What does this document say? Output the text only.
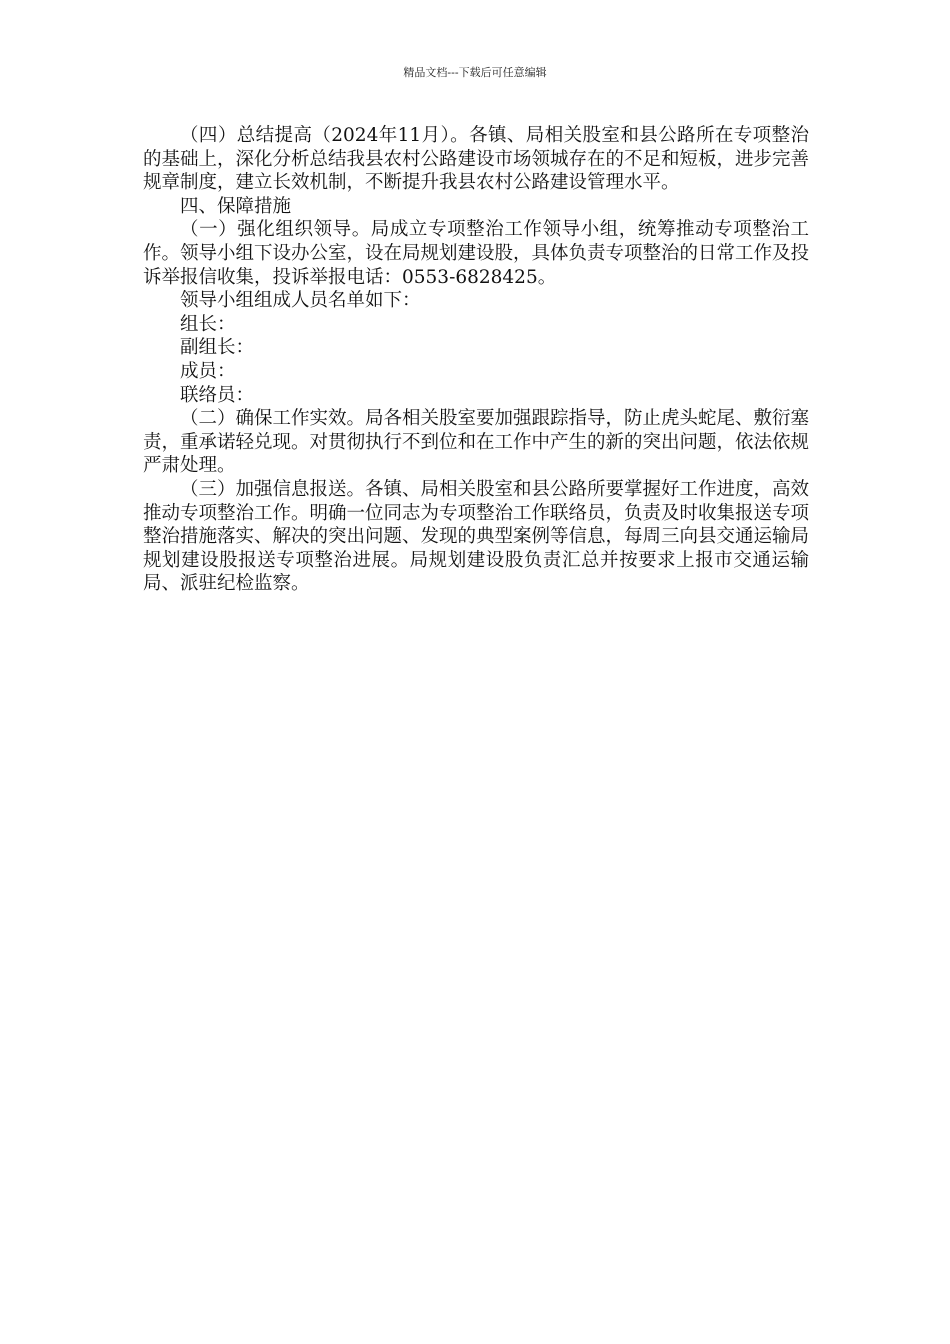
精品文档---下载后可任意编辑

（四）总结提高（2024年11月）。各镇、局相关股室和县公路所在专项整治的基础上，深化分析总结我县农村公路建设市场领城存在的不足和短板，进步完善规章制度，建立长效机制，不断提升我县农村公路建设管理水平。

四、保障措施

（一）强化组织领导。局成立专项整治工作领导小组，统筹推动专项整治工作。领导小组下设办公室，设在局规划建设股，具体负责专项整治的日常工作及投诉举报信收集，投诉举报电话：0553-6828425。

领导小组组成人员名单如下：

组长：

副组长：

成员：

联络员：

（二）确保工作实效。局各相关股室要加强跟踪指导，防止虎头蛇尾、敷衍塞责，重承诺轻兑现。对贯彻执行不到位和在工作中产生的新的突出问题，依法依规严肃处理。

（三）加强信息报送。各镇、局相关股室和县公路所要掌握好工作进度，高效推动专项整治工作。明确一位同志为专项整治工作联络员，负责及时收集报送专项整治措施落实、解决的突出问题、发现的典型案例等信息，每周三向县交通运输局规划建设股报送专项整治进展。局规划建设股负责汇总并按要求上报市交通运输局、派驻纪检监察。
